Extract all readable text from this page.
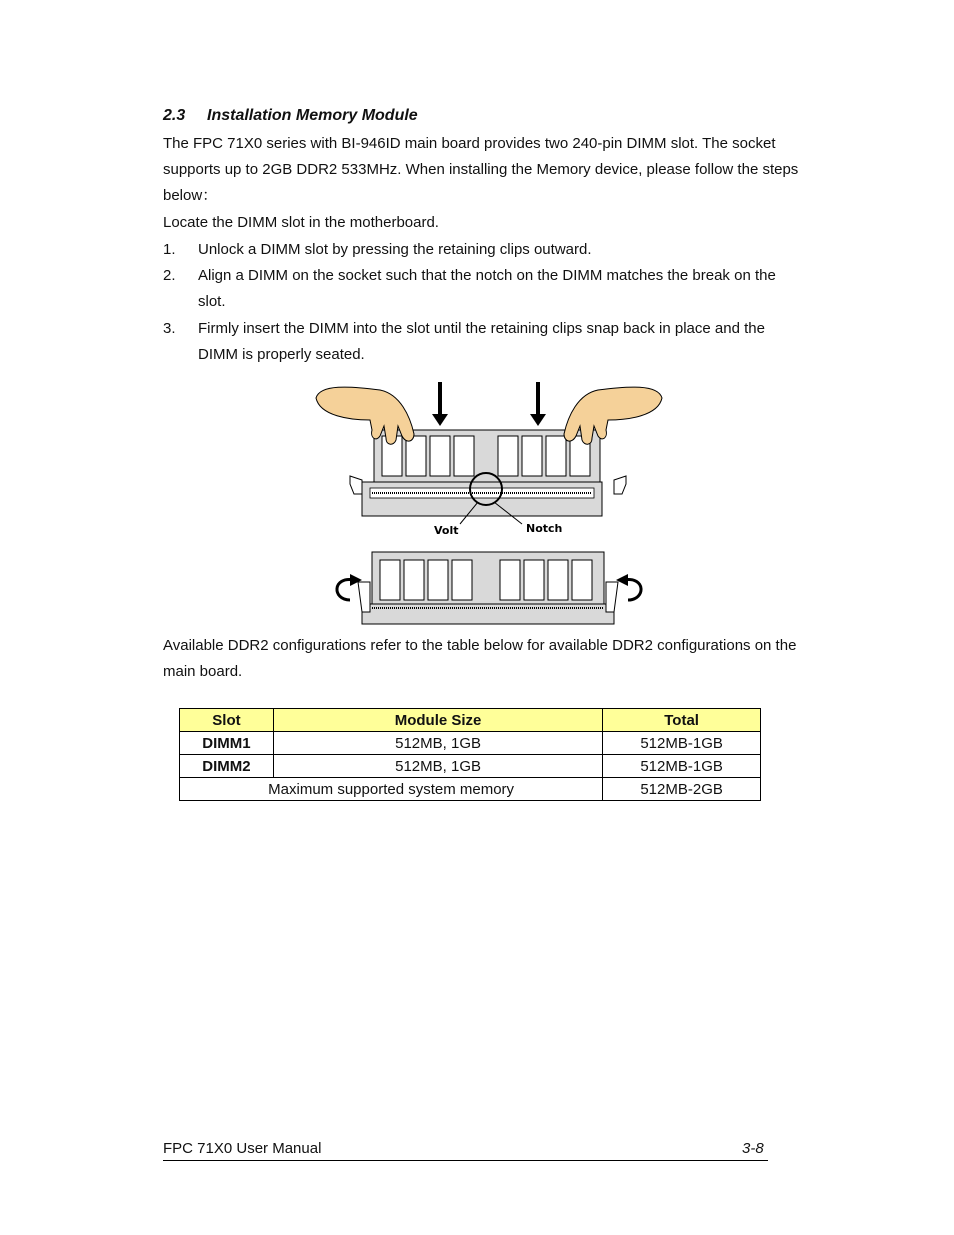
2.3 Installation Memory Module
The FPC 71X0 series with BI-946ID main board provides two 240-pin DIMM slot. The socket supports up to 2GB DDR2 533MHz. When installing the Memory device, please follow the steps below：
Locate the DIMM slot in the motherboard.
1. Unlock a DIMM slot by pressing the retaining clips outward.
2. Align a DIMM on the socket such that the notch on the DIMM matches the break on the slot.
3. Firmly insert the DIMM into the slot until the retaining clips snap back in place and the DIMM is properly seated.
Volt	Notch
Available DDR2 configurations refer to the table below for available DDR2 configurations on the main board.
Slot	Module Size	Total
DIMM1	512MB, 1GB	512MB-1GB
DIMM2	512MB, 1GB	512MB-1GB
Maximum supported system memory		512MB-2GB
FPC 71X0 User Manual	3-8
